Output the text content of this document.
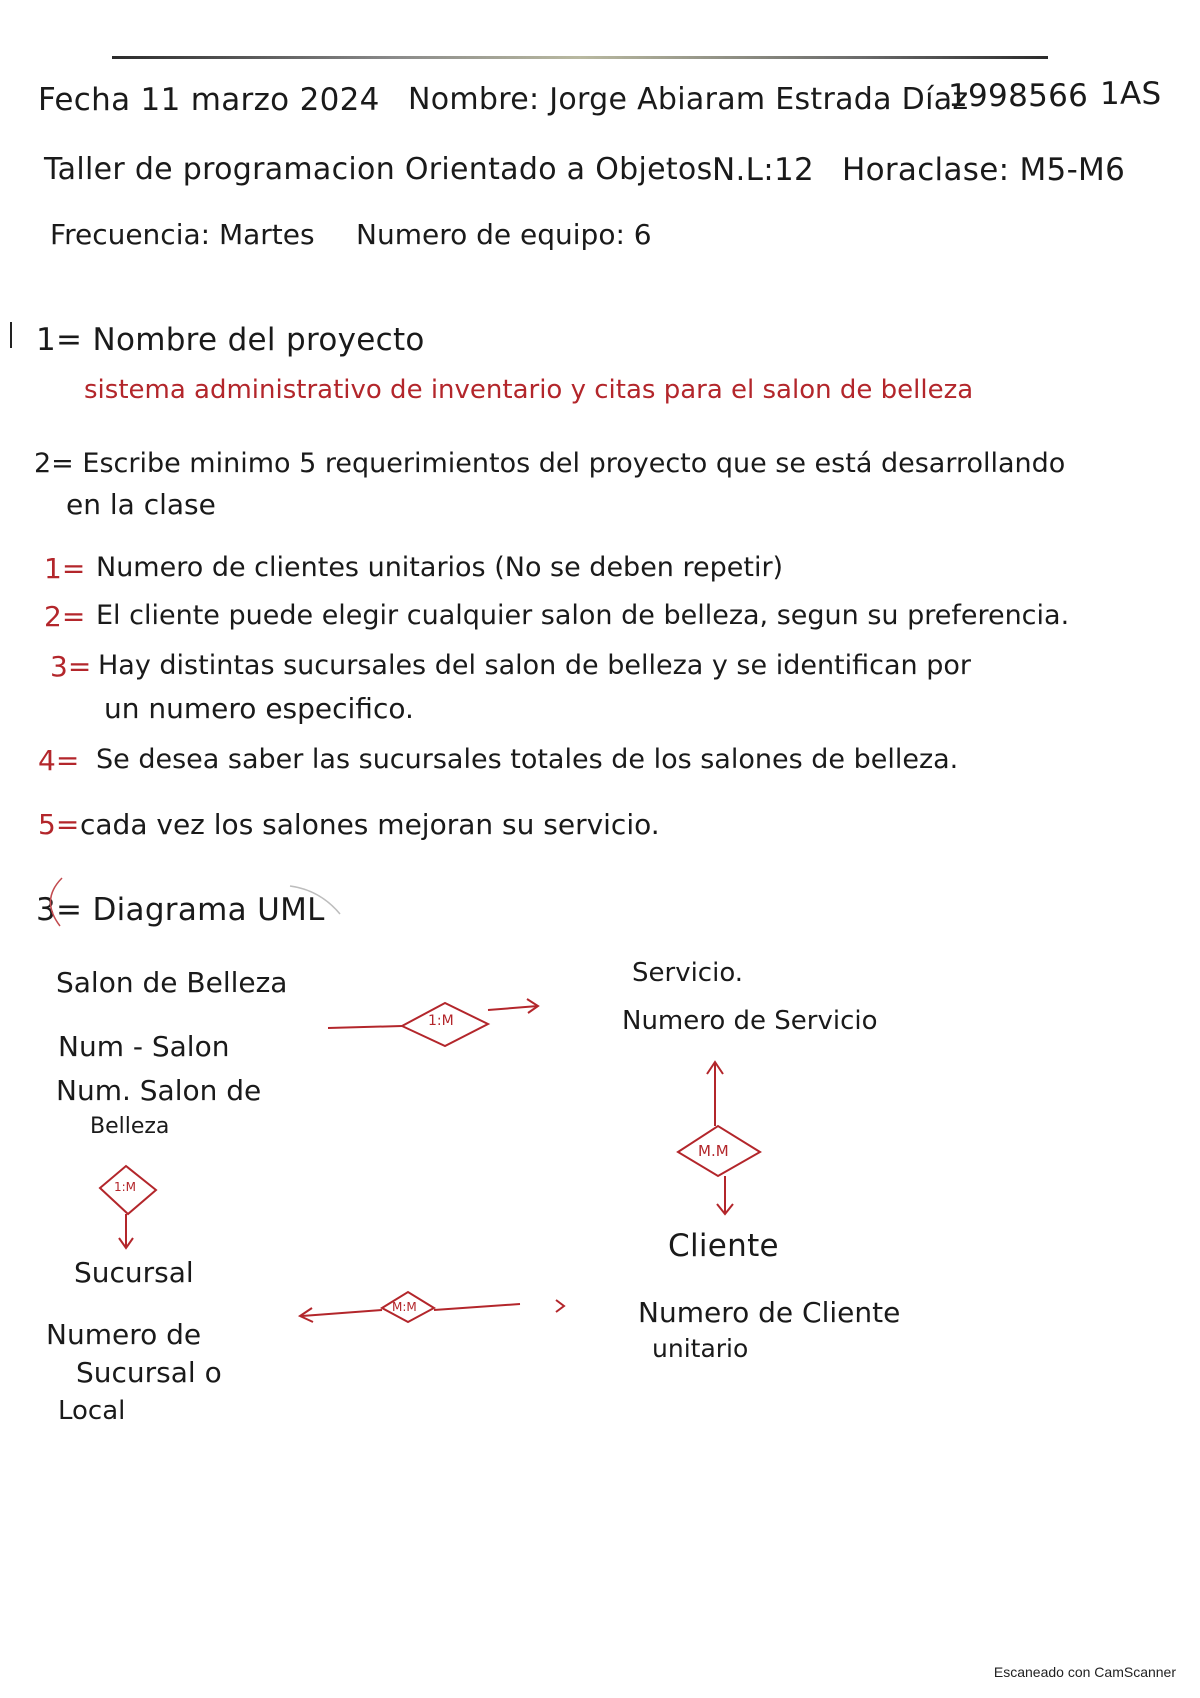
Fecha 11 marzo 2024 Nombre: Jorge Abiaram Estrada Díaz
1998566 1AS
Taller de programacion Orientado a Objetos N.L:12 Horaclase: M5-M6
Frecuencia: Martes Numero de equipo: 6
1= Nombre del proyecto
sistema administrativo de inventario y citas para el salon de belleza
2= Escribe minimo 5 requerimientos del proyecto que se está desarrollando
en la clase
1= Numero de clientes unitarios (No se deben repetir)
2= El cliente puede elegir cualquier salon de belleza, segun su preferencia.
3= Hay distintas sucursales del salon de belleza y se identifican por
un numero especifico.
4= Se desea saber las sucursales totales de los salones de belleza.
5= cada vez los salones mejoran su servicio.
3= Diagrama UML
Salon de Belleza
Num - Salon
Num. Salon de
Belleza
Servicio.
Numero de Servicio
Sucursal
Numero de
Sucursal o
Local
Cliente
Numero de Cliente
unitario
1:M
M.M
1:M
M:M
Escaneado con CamScanner
